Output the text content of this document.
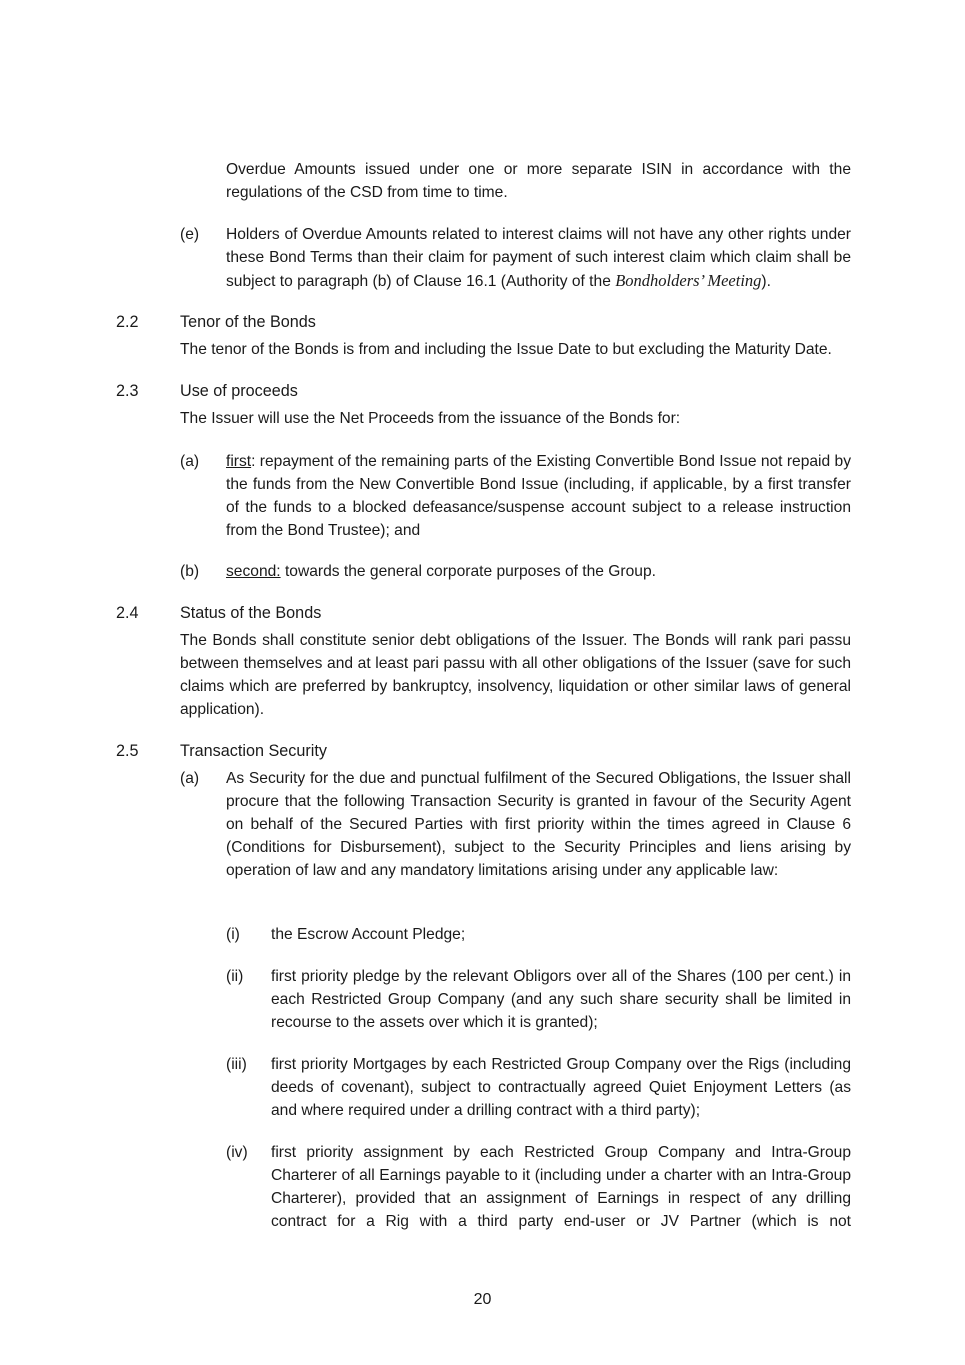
Overdue Amounts issued under one or more separate ISIN in accordance with the regulations of the CSD from time to time.
(e) Holders of Overdue Amounts related to interest claims will not have any other rights under these Bond Terms than their claim for payment of such interest claim which claim shall be subject to paragraph (b) of Clause 16.1 (Authority of the Bondholders’ Meeting).
2.2	Tenor of the Bonds
The tenor of the Bonds is from and including the Issue Date to but excluding the Maturity Date.
2.3	Use of proceeds
The Issuer will use the Net Proceeds from the issuance of the Bonds for:
(a) first: repayment of the remaining parts of the Existing Convertible Bond Issue not repaid by the funds from the New Convertible Bond Issue (including, if applicable, by a first transfer of the funds to a blocked defeasance/suspense account subject to a release instruction from the Bond Trustee); and
(b) second: towards the general corporate purposes of the Group.
2.4	Status of the Bonds
The Bonds shall constitute senior debt obligations of the Issuer. The Bonds will rank pari passu between themselves and at least pari passu with all other obligations of the Issuer (save for such claims which are preferred by bankruptcy, insolvency, liquidation or other similar laws of general application).
2.5	Transaction Security
(a) As Security for the due and punctual fulfilment of the Secured Obligations, the Issuer shall procure that the following Transaction Security is granted in favour of the Security Agent on behalf of the Secured Parties with first priority within the times agreed in Clause 6 (Conditions for Disbursement), subject to the Security Principles and liens arising by operation of law and any mandatory limitations arising under any applicable law:
(i) the Escrow Account Pledge;
(ii) first priority pledge by the relevant Obligors over all of the Shares (100 per cent.) in each Restricted Group Company (and any such share security shall be limited in recourse to the assets over which it is granted);
(iii) first priority Mortgages by each Restricted Group Company over the Rigs (including deeds of covenant), subject to contractually agreed Quiet Enjoyment Letters (as and where required under a drilling contract with a third party);
(iv) first priority assignment by each Restricted Group Company and Intra-Group Charterer of all Earnings payable to it (including under a charter with an Intra-Group Charterer), provided that an assignment of Earnings in respect of any drilling contract for a Rig with a third party end-user or JV Partner (which is not
20
